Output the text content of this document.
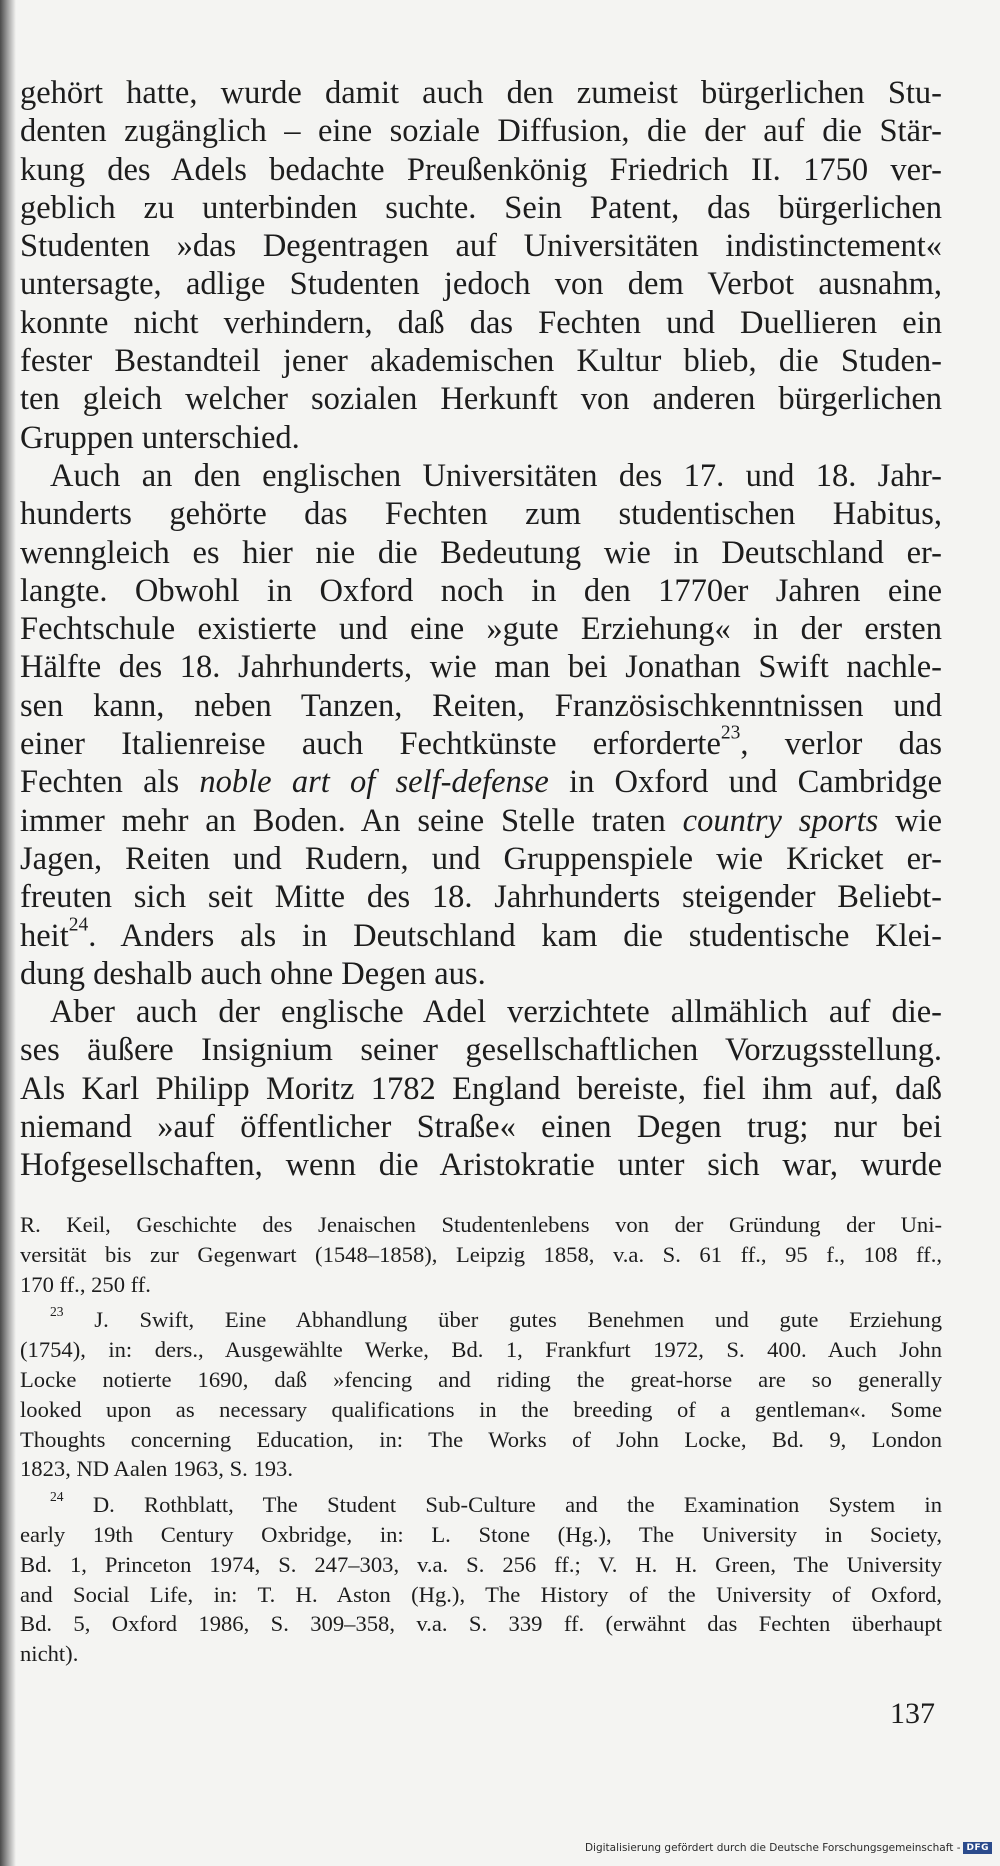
gehört hatte, wurde damit auch den zumeist bürgerlichen Stu-
denten zugänglich – eine soziale Diffusion, die der auf die Stär-
kung des Adels bedachte Preußenkönig Friedrich II. 1750 ver-
geblich zu unterbinden suchte. Sein Patent, das bürgerlichen
Studenten »das Degentragen auf Universitäten indistinctement«
untersagte, adlige Studenten jedoch von dem Verbot ausnahm,
konnte nicht verhindern, daß das Fechten und Duellieren ein
fester Bestandteil jener akademischen Kultur blieb, die Studen-
ten gleich welcher sozialen Herkunft von anderen bürgerlichen
Gruppen unterschied.
Auch an den englischen Universitäten des 17. und 18. Jahr-
hunderts gehörte das Fechten zum studentischen Habitus,
wenngleich es hier nie die Bedeutung wie in Deutschland er-
langte. Obwohl in Oxford noch in den 1770er Jahren eine
Fechtschule existierte und eine »gute Erziehung« in der ersten
Hälfte des 18. Jahrhunderts, wie man bei Jonathan Swift nachle-
sen kann, neben Tanzen, Reiten, Französischkenntnissen und
einer Italienreise auch Fechtkünste erforderte$^{23}$, verlor das
Fechten als noble art of self-defense in Oxford und Cambridge
immer mehr an Boden. An seine Stelle traten country sports wie
Jagen, Reiten und Rudern, und Gruppenspiele wie Kricket er-
freuten sich seit Mitte des 18. Jahrhunderts steigender Beliebt-
heit$^{24}$. Anders als in Deutschland kam die studentische Klei-
dung deshalb auch ohne Degen aus.
Aber auch der englische Adel verzichtete allmählich auf die-
ses äußere Insignium seiner gesellschaftlichen Vorzugsstellung.
Als Karl Philipp Moritz 1782 England bereiste, fiel ihm auf, daß
niemand »auf öffentlicher Straße« einen Degen trug; nur bei
Hofgesellschaften, wenn die Aristokratie unter sich war, wurde
R. Keil, Geschichte des Jenaischen Studentenlebens von der Gründung der Uni-
versität bis zur Gegenwart (1548–1858), Leipzig 1858, v.a. S. 61 ff., 95 f., 108 ff.,
170 ff., 250 ff.
$^{23}$ J. Swift, Eine Abhandlung über gutes Benehmen und gute Erziehung
(1754), in: ders., Ausgewählte Werke, Bd. 1, Frankfurt 1972, S. 400. Auch John
Locke notierte 1690, daß »fencing and riding the great-horse are so generally
looked upon as necessary qualifications in the breeding of a gentleman«. Some
Thoughts concerning Education, in: The Works of John Locke, Bd. 9, London
1823, ND Aalen 1963, S. 193.
$^{24}$ D. Rothblatt, The Student Sub-Culture and the Examination System in
early 19th Century Oxbridge, in: L. Stone (Hg.), The University in Society,
Bd. 1, Princeton 1974, S. 247–303, v.a. S. 256 ff.; V. H. H. Green, The University
and Social Life, in: T. H. Aston (Hg.), The History of the University of Oxford,
Bd. 5, Oxford 1986, S. 309–358, v.a. S. 339 ff. (erwähnt das Fechten überhaupt
nicht).
137
Digitalisierung gefördert durch die Deutsche Forschungsgemeinschaft - DFG
